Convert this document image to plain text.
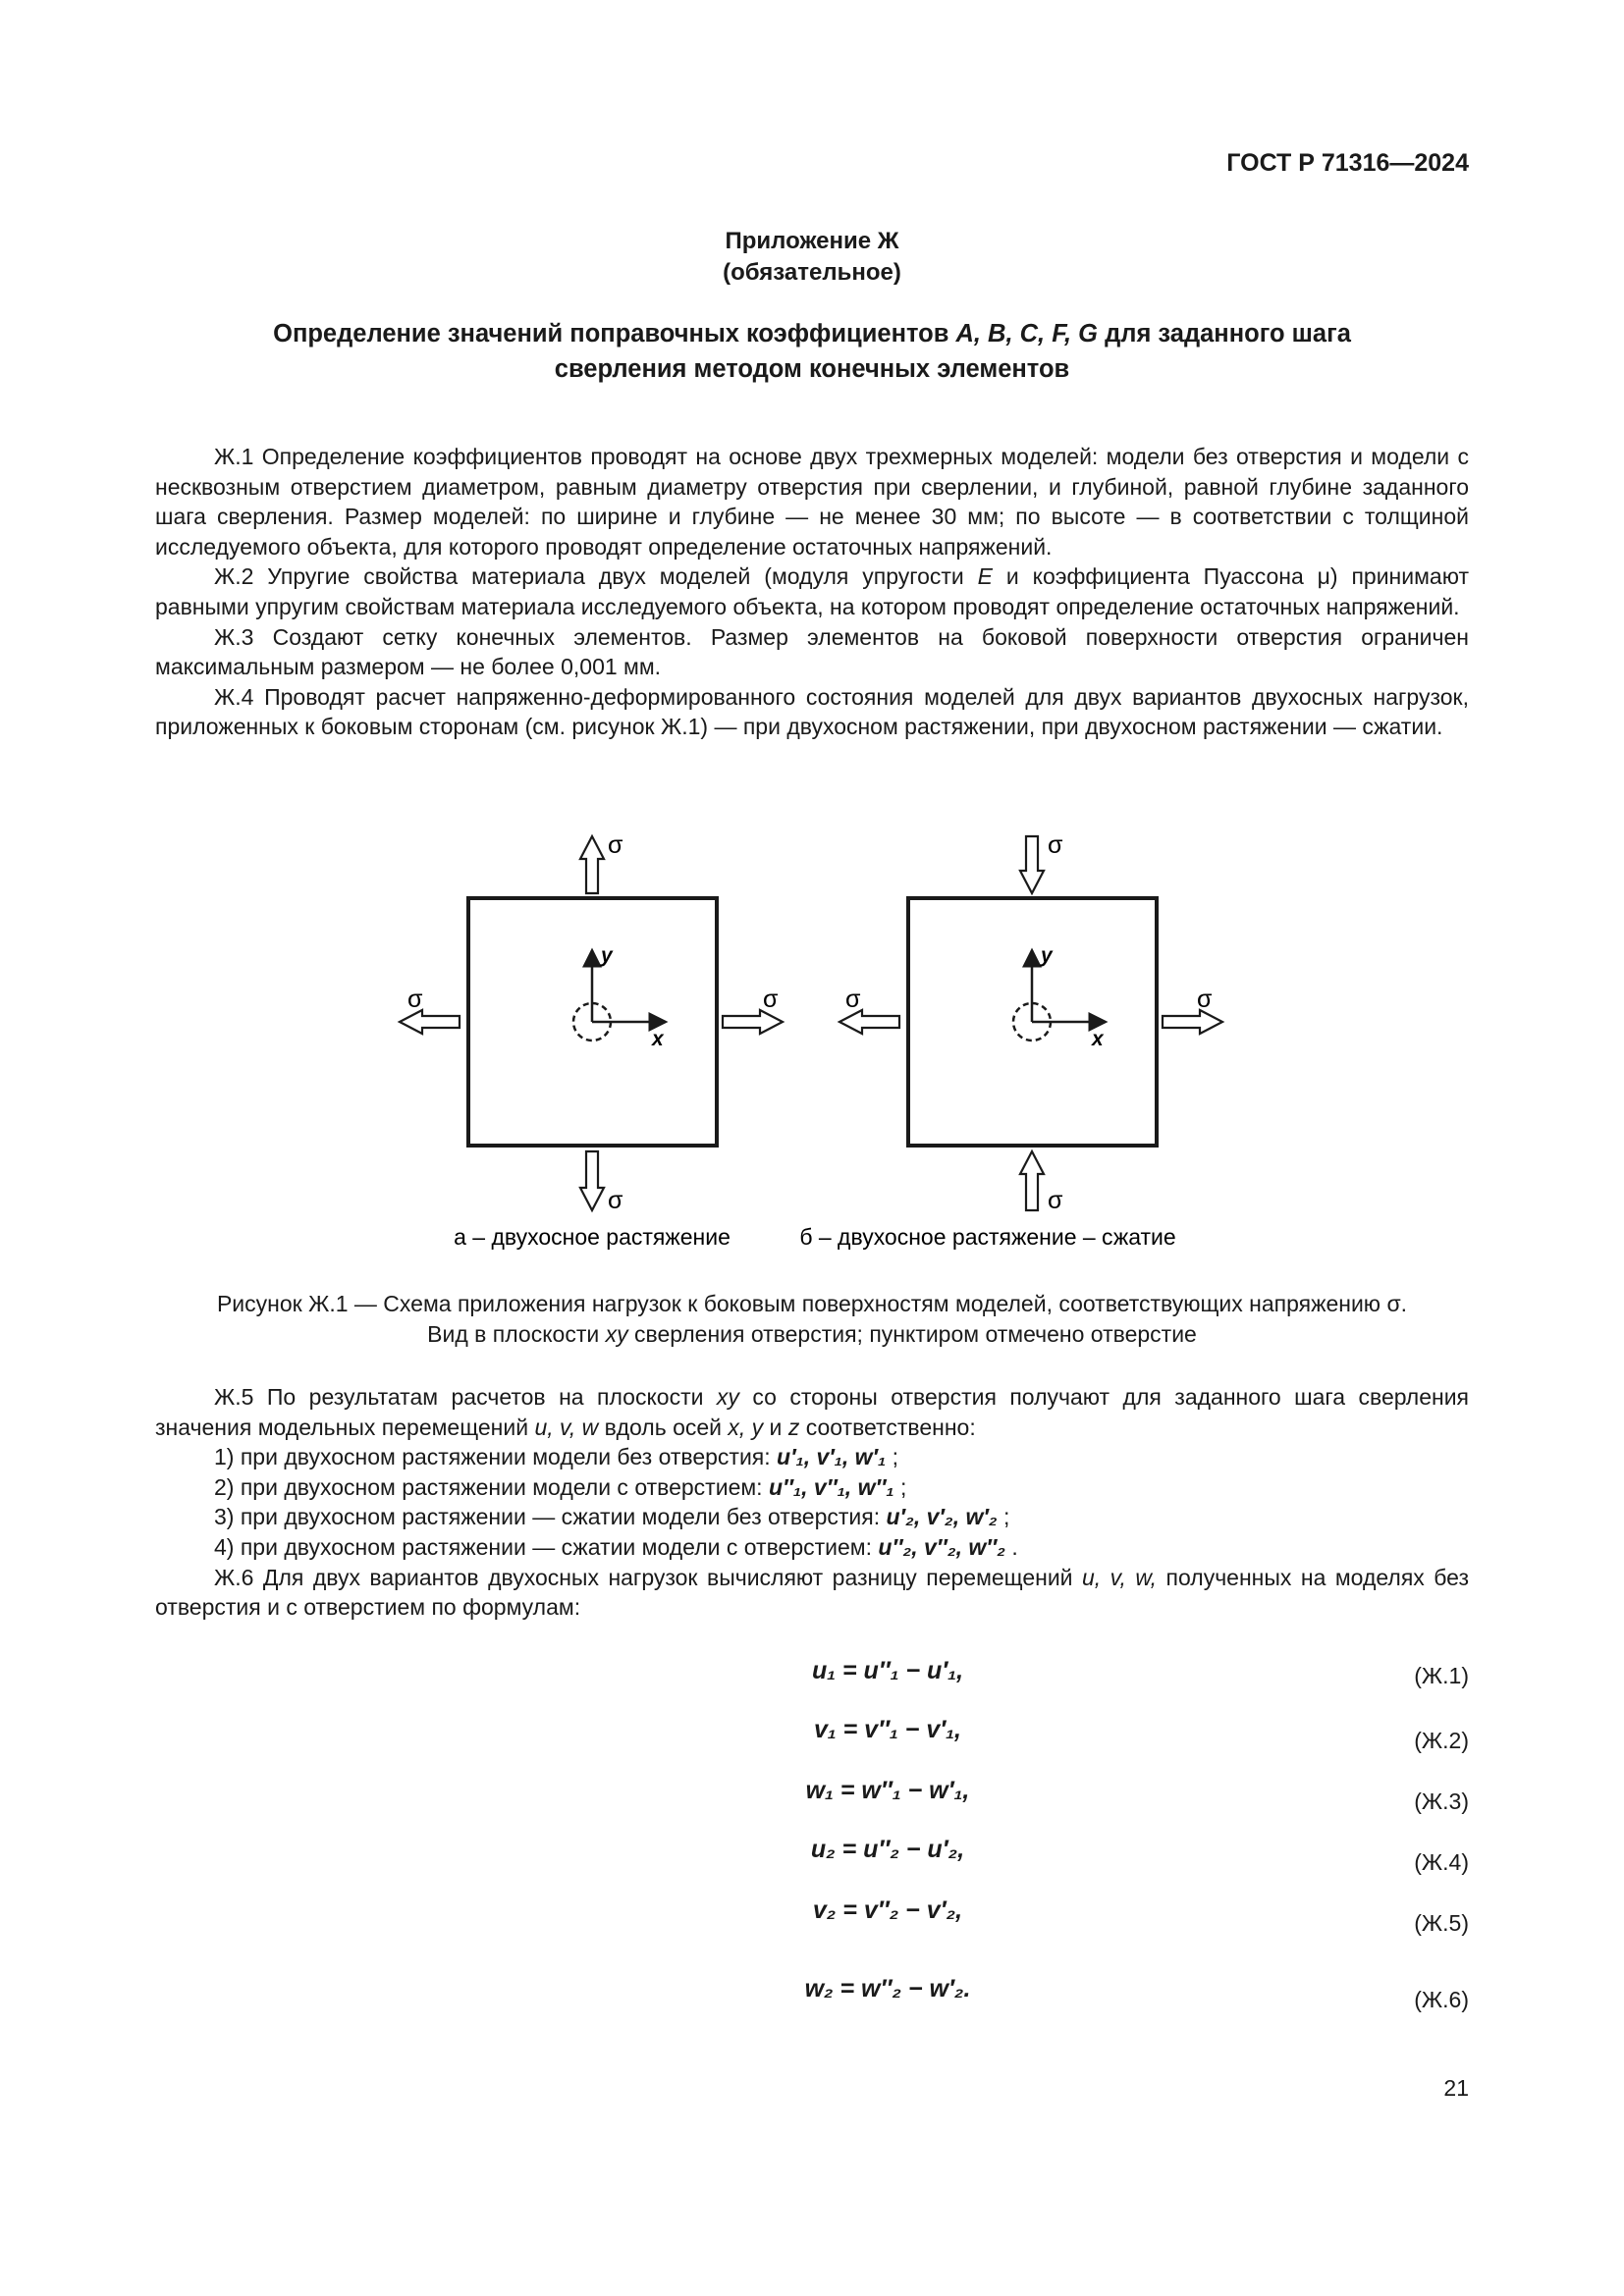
ГОСТ Р 71316—2024
Приложение Ж
(обязательное)
Определение значений поправочных коэффициентов A, B, C, F, G для заданного шага
сверления методом конечных элементов

Ж.1 Определение коэффициентов проводят на основе двух трехмерных моделей: модели без отверстия и модели с несквозным отверстием диаметром, равным диаметру отверстия при сверлении, и глубиной, равной глубине заданного шага сверления. Размер моделей: по ширине и глубине — не менее 30 мм; по высоте — в соответствии с толщиной исследуемого объекта, для которого проводят определение остаточных напряжений.

Ж.2 Упругие свойства материала двух моделей (модуля упругости E и коэффициента Пуассона μ) принимают равными упругим свойствам материала исследуемого объекта, на котором проводят определение остаточных напряжений.

Ж.3 Создают сетку конечных элементов. Размер элементов на боковой поверхности отверстия ограничен максимальным размером — не более 0,001 мм.

Ж.4 Проводят расчет напряженно-деформированного состояния моделей для двух вариантов двухосных нагрузок, приложенных к боковым сторонам (см. рисунок Ж.1) — при двухосном растяжении, при двухосном растяжении — сжатии.

y
x
σ
σ
σ	σ
y
x
σ
σ
σ	σ
а – двухосное растяжение	б – двухосное растяжение – сжатие
Рисунок Ж.1 — Схема приложения нагрузок к боковым поверхностям моделей, соответствующих напряжению σ.
Вид в плоскости xy сверления отверстия; пунктиром отмечено отверстие

Ж.5 По результатам расчетов на плоскости xy со стороны отверстия получают для заданного шага сверления значения модельных перемещений u, v, w вдоль осей x, y и z соответственно:

1) при двухосном растяжении модели без отверстия: u′₁, v′₁, w′₁ ;

2) при двухосном растяжении модели с отверстием: u″₁, v″₁, w″₁ ;

3) при двухосном растяжении — сжатии модели без отверстия: u′₂, v′₂, w′₂ ;

4) при двухосном растяжении — сжатии модели с отверстием: u″₂, v″₂, w″₂ .

Ж.6 Для двух вариантов двухосных нагрузок вычисляют разницу перемещений u, v, w, полученных на моделях без отверстия и с отверстием по формулам:

u₁ = u″₁ − u′₁,	(Ж.1)
v₁ = v″₁ − v′₁,	(Ж.2)
w₁ = w″₁ − w′₁,	(Ж.3)
u₂ = u″₂ − u′₂,	(Ж.4)
v₂ = v″₂ − v′₂,	(Ж.5)
w₂ = w″₂ − w′₂.	(Ж.6)
21
